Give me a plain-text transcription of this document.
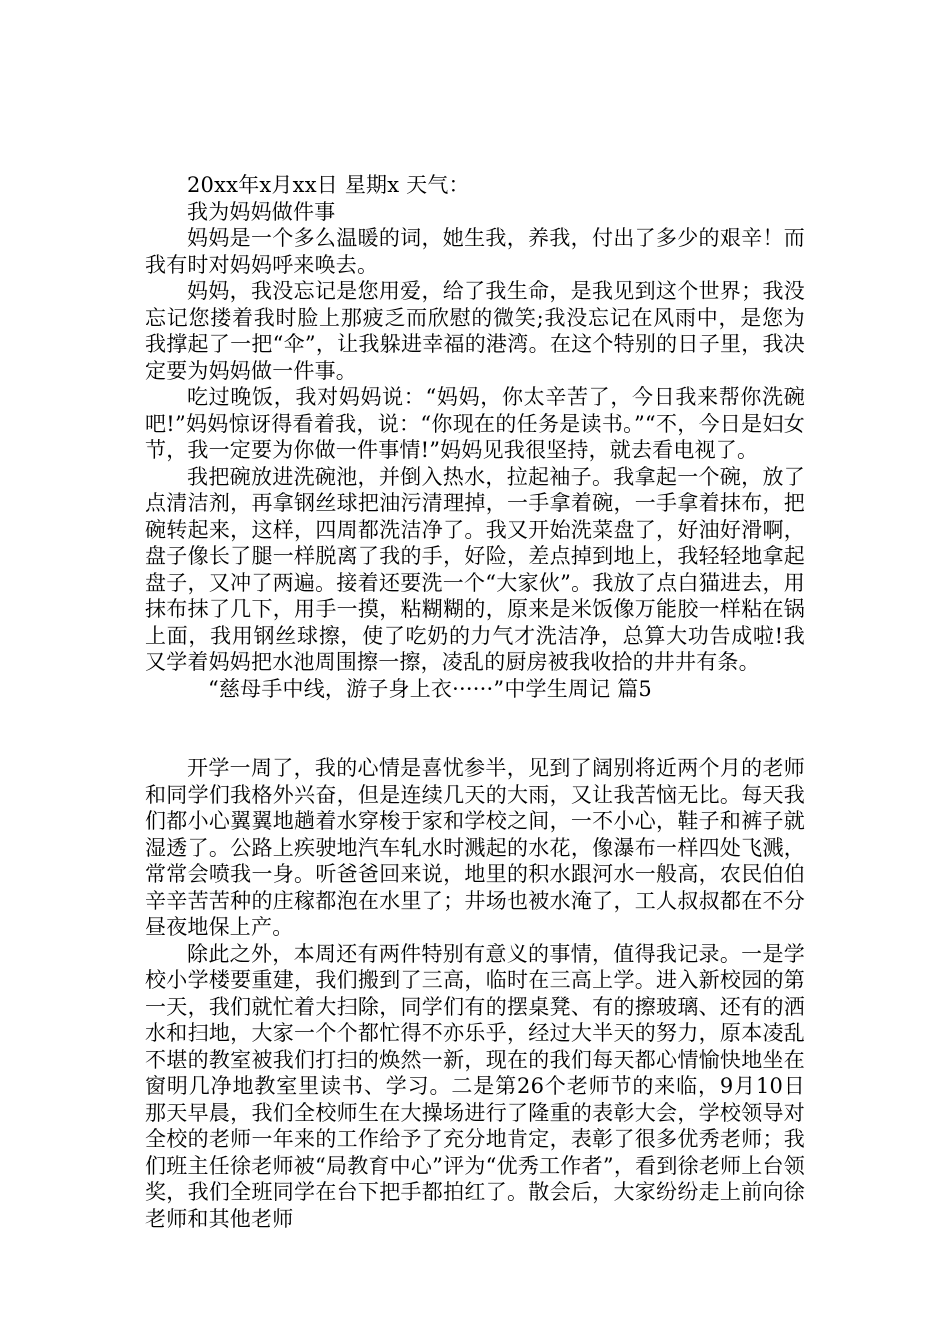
20xx年x月xx日 星期x 天气：

我为妈妈做件事

妈妈是一个多么温暖的词，她生我，养我，付出了多少的艰辛！而我有时对妈妈呼来唤去。

妈妈，我没忘记是您用爱，给了我生命，是我见到这个世界；我没忘记您搂着我时脸上那疲乏而欣慰的微笑;我没忘记在风雨中，是您为我撑起了一把“伞”，让我躲进幸福的港湾。在这个特别的日子里，我决定要为妈妈做一件事。

吃过晚饭，我对妈妈说：“妈妈，你太辛苦了，今日我来帮你洗碗吧!”妈妈惊讶得看着我，说：“你现在的任务是读书。”“不，今日是妇女节，我一定要为你做一件事情!”妈妈见我很坚持，就去看电视了。

我把碗放进洗碗池，并倒入热水，拉起袖子。我拿起一个碗，放了点清洁剂，再拿钢丝球把油污清理掉，一手拿着碗，一手拿着抹布，把碗转起来，这样，四周都洗洁净了。我又开始洗菜盘了，好油好滑啊，盘子像长了腿一样脱离了我的手，好险，差点掉到地上，我轻轻地拿起盘子，又冲了两遍。接着还要洗一个“大家伙”。我放了点白猫进去，用抹布抹了几下，用手一摸，粘糊糊的，原来是米饭像万能胶一样粘在锅上面，我用钢丝球擦，使了吃奶的力气才洗洁净，总算大功告成啦!我又学着妈妈把水池周围擦一擦，凌乱的厨房被我收拾的井井有条。

“慈母手中线，游子身上衣······”中学生周记 篇5

开学一周了，我的心情是喜忧参半，见到了阔别将近两个月的老师和同学们我格外兴奋，但是连续几天的大雨，又让我苦恼无比。每天我们都小心翼翼地趟着水穿梭于家和学校之间，一不小心，鞋子和裤子就湿透了。公路上疾驶地汽车轧水时溅起的水花，像瀑布一样四处飞溅，常常会喷我一身。听爸爸回来说，地里的积水跟河水一般高，农民伯伯辛辛苦苦种的庄稼都泡在水里了；井场也被水淹了，工人叔叔都在不分昼夜地保上产。

除此之外，本周还有两件特别有意义的事情，值得我记录。一是学校小学楼要重建，我们搬到了三高，临时在三高上学。进入新校园的第一天，我们就忙着大扫除，同学们有的摆桌凳、有的擦玻璃、还有的洒水和扫地，大家一个个都忙得不亦乐乎，经过大半天的努力，原本凌乱不堪的教室被我们打扫的焕然一新，现在的我们每天都心情愉快地坐在窗明几净地教室里读书、学习。二是第26个老师节的来临，9月10日那天早晨，我们全校师生在大操场进行了隆重的表彰大会，学校领导对全校的老师一年来的工作给予了充分地肯定，表彰了很多优秀老师；我们班主任徐老师被“局教育中心”评为“优秀工作者”，看到徐老师上台领奖，我们全班同学在台下把手都拍红了。散会后，大家纷纷走上前向徐老师和其他老师
